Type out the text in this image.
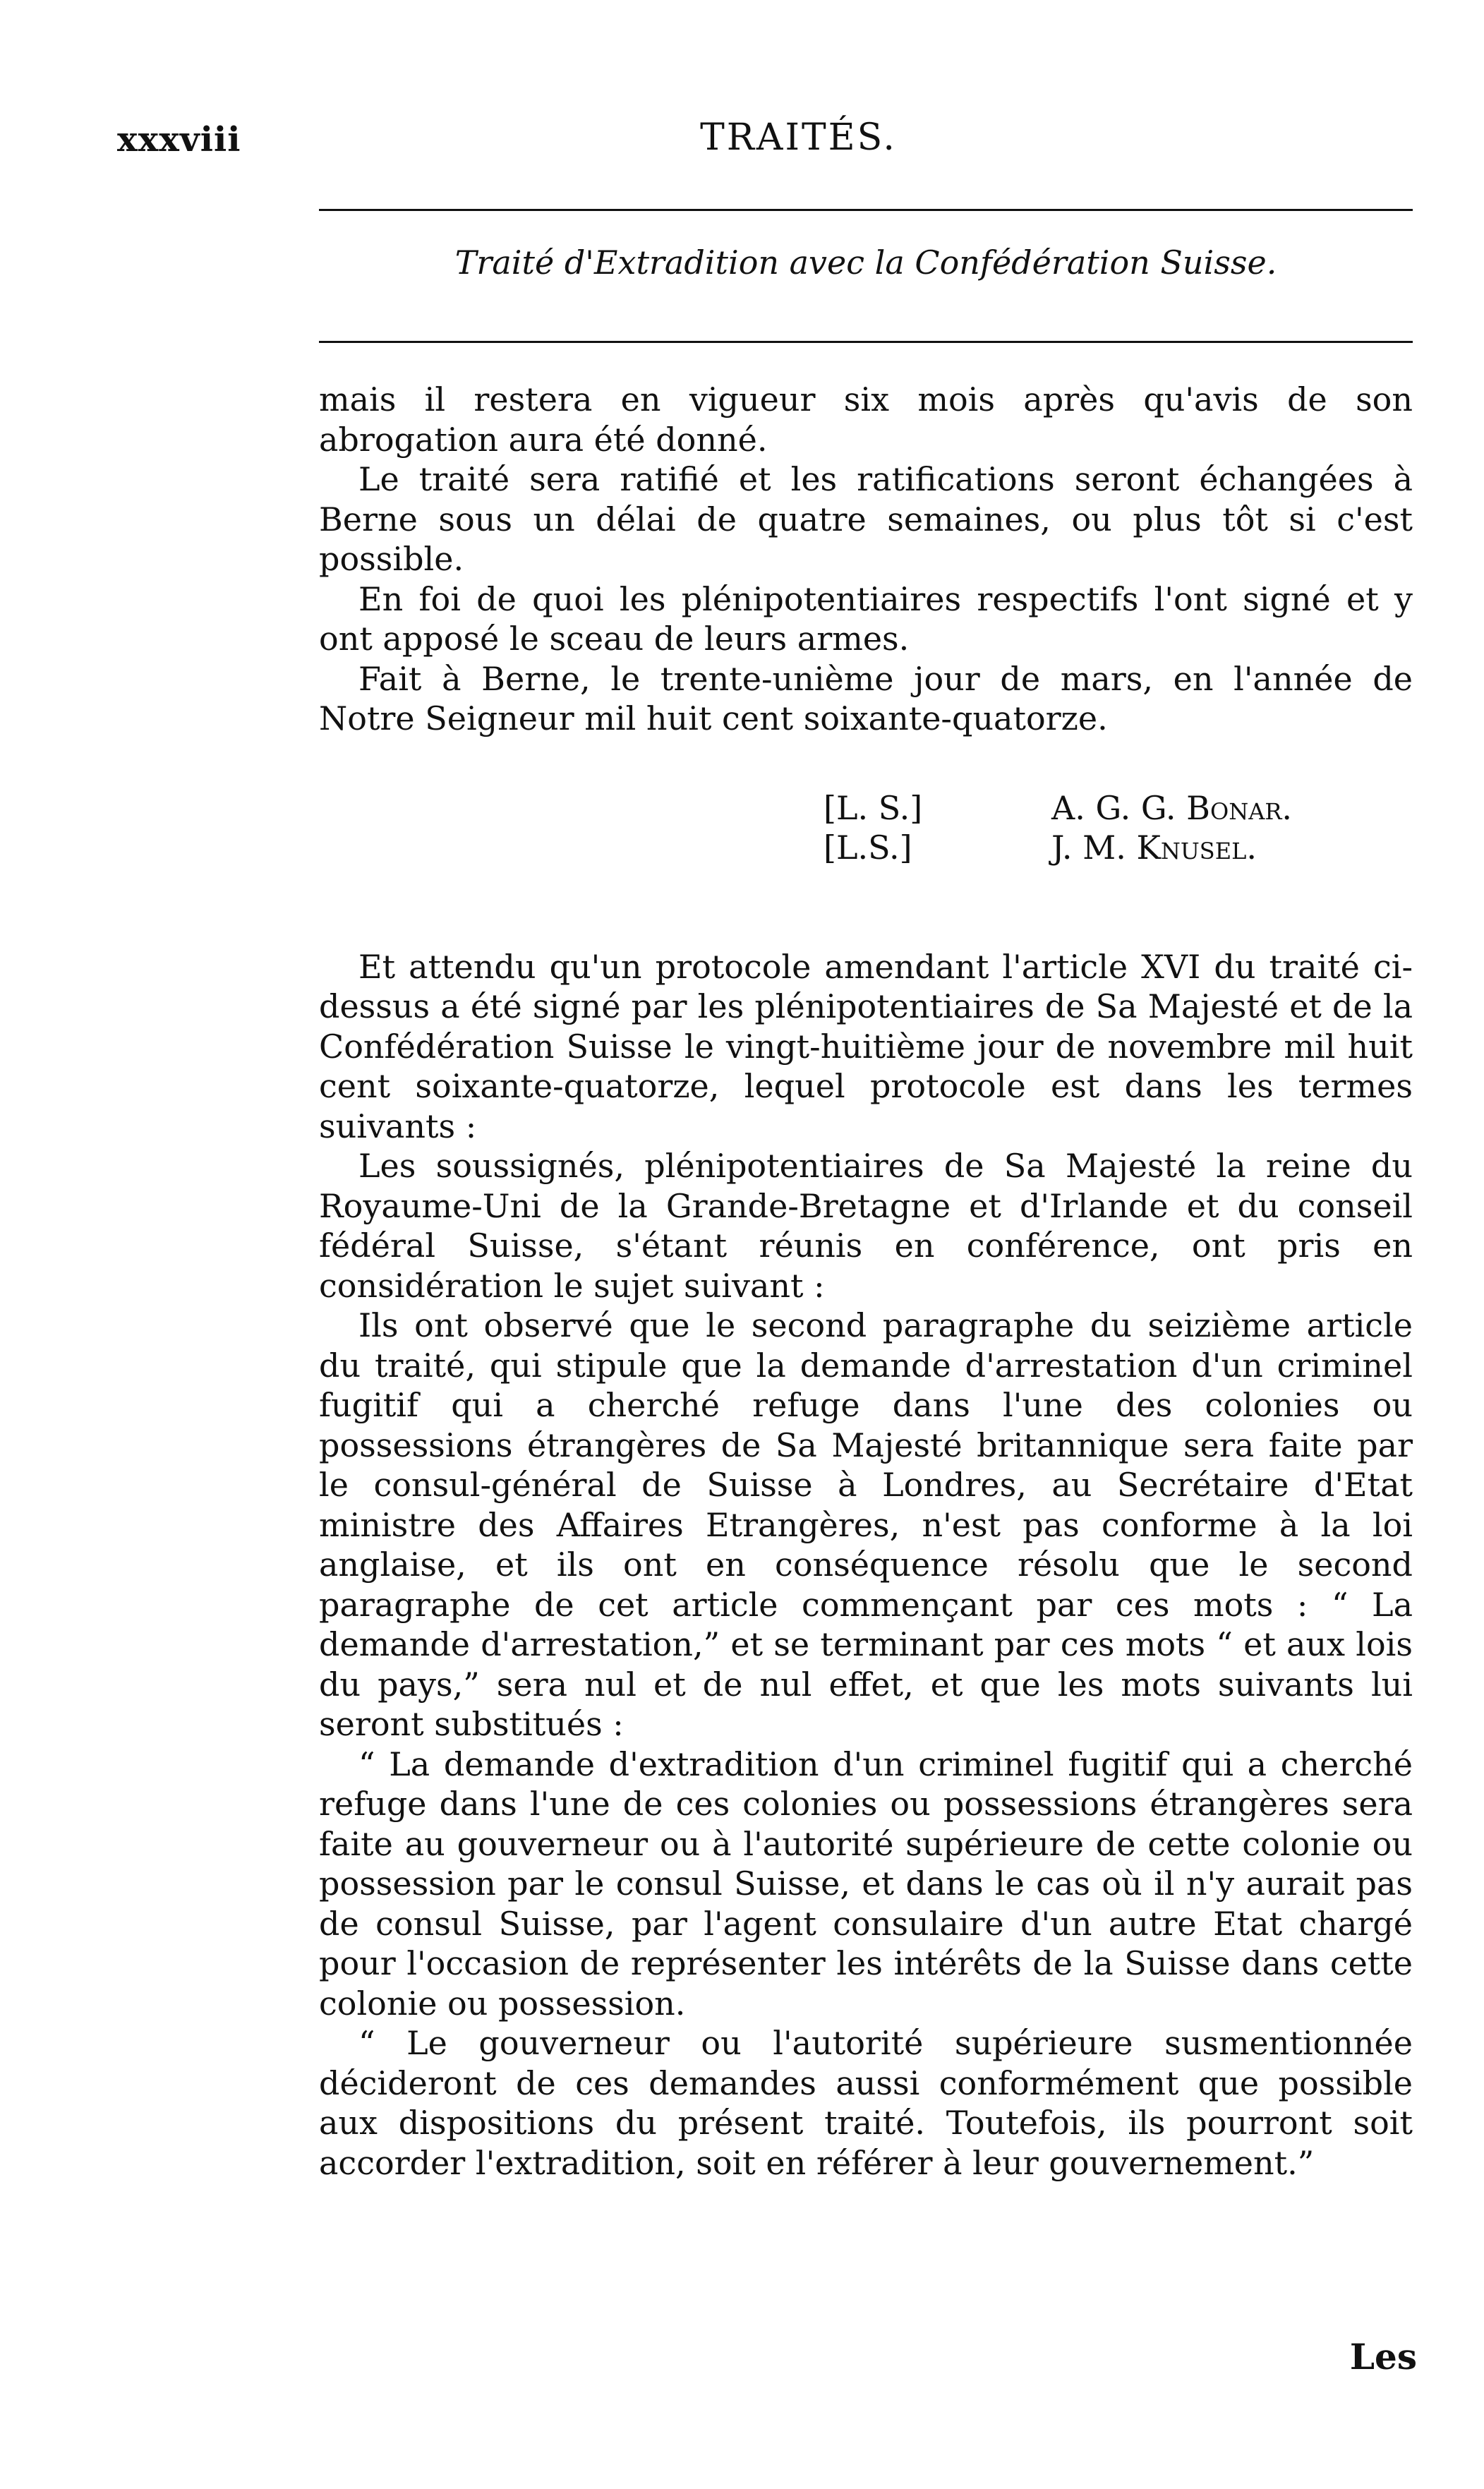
xxxviii	TRAITÉS.
Traité d'Extradition avec la Confédération Suisse.

mais il restera en vigueur six mois après qu'avis de son abrogation aura été donné.

Le traité sera ratifié et les ratifications seront échangées à Berne sous un délai de quatre semaines, ou plus tôt si c'est possible.

En foi de quoi les plénipotentiaires respectifs l'ont signé et y ont apposé le sceau de leurs armes.

Fait à Berne, le trente-unième jour de mars, en l'année de Notre Seigneur mil huit cent soixante-quatorze.

[L. S.]	A. G. G. Bonar.
[L.S.]	J. M. Knusel.

Et attendu qu'un protocole amendant l'article XVI du traité ci-dessus a été signé par les plénipotentiaires de Sa Majesté et de la Confédération Suisse le vingt-huitième jour de novembre mil huit cent soixante-quatorze, lequel protocole est dans les termes suivants :

Les soussignés, plénipotentiaires de Sa Majesté la reine du Royaume-Uni de la Grande-Bretagne et d'Irlande et du conseil fédéral Suisse, s'étant réunis en conférence, ont pris en considération le sujet suivant :

Ils ont observé que le second paragraphe du seizième article du traité, qui stipule que la demande d'arrestation d'un criminel fugitif qui a cherché refuge dans l'une des colonies ou possessions étrangères de Sa Majesté britannique sera faite par le consul-général de Suisse à Londres, au Secrétaire d'Etat ministre des Affaires Etrangères, n'est pas conforme à la loi anglaise, et ils ont en conséquence résolu que le second paragraphe de cet article commençant par ces mots : “ La demande d'arrestation,” et se terminant par ces mots “ et aux lois du pays,” sera nul et de nul effet, et que les mots suivants lui seront substitués :

“ La demande d'extradition d'un criminel fugitif qui a cherché refuge dans l'une de ces colonies ou possessions étrangères sera faite au gouverneur ou à l'autorité supérieure de cette colonie ou possession par le consul Suisse, et dans le cas où il n'y aurait pas de consul Suisse, par l'agent consulaire d'un autre Etat chargé pour l'occasion de représenter les intérêts de la Suisse dans cette colonie ou possession.

“ Le gouverneur ou l'autorité supérieure susmentionnée décideront de ces demandes aussi conformément que possible aux dispositions du présent traité. Toutefois, ils pourront soit accorder l'extradition, soit en référer à leur gouvernement.”

Les
